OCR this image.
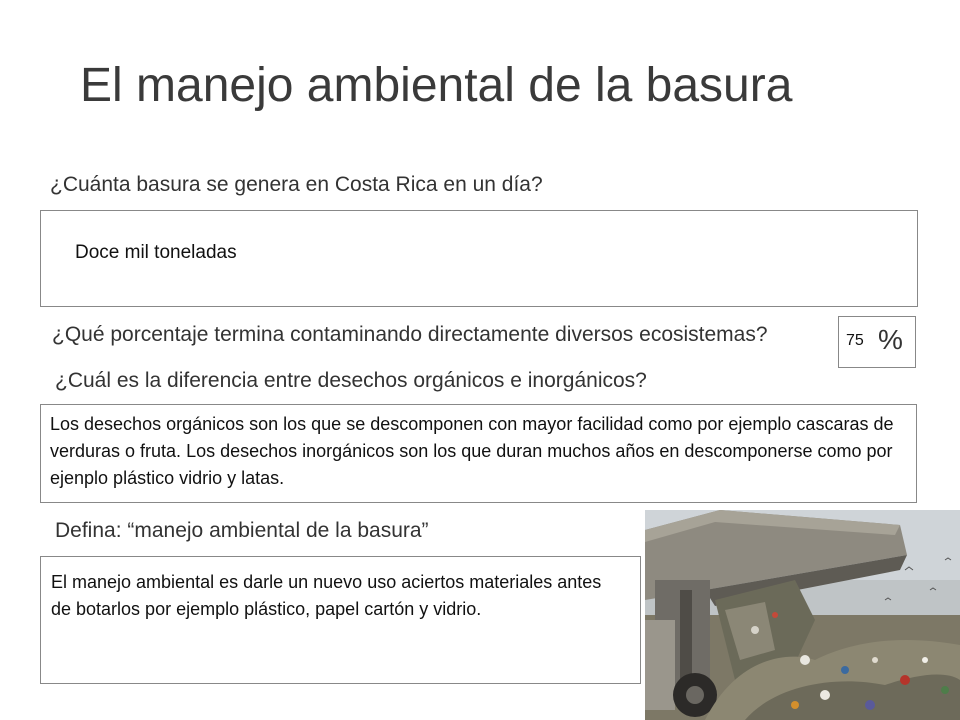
El manejo ambiental de la basura
¿Cuánta basura se genera en Costa Rica en un día?
Doce mil toneladas
¿Qué porcentaje termina contaminando directamente diversos ecosistemas?	75 %
¿Cuál es la diferencia entre desechos orgánicos e inorgánicos?
Los desechos orgánicos son los que se descomponen con mayor facilidad como por ejemplo cascaras de verduras o fruta. Los desechos inorgánicos son los que duran muchos años en descomponerse como por ejenplo plástico vidrio y latas.
Defina: “manejo ambiental de la basura”
El manejo ambiental es darle un nuevo uso aciertos materiales antes de botarlos por ejemplo plástico, papel cartón y vidrio.
